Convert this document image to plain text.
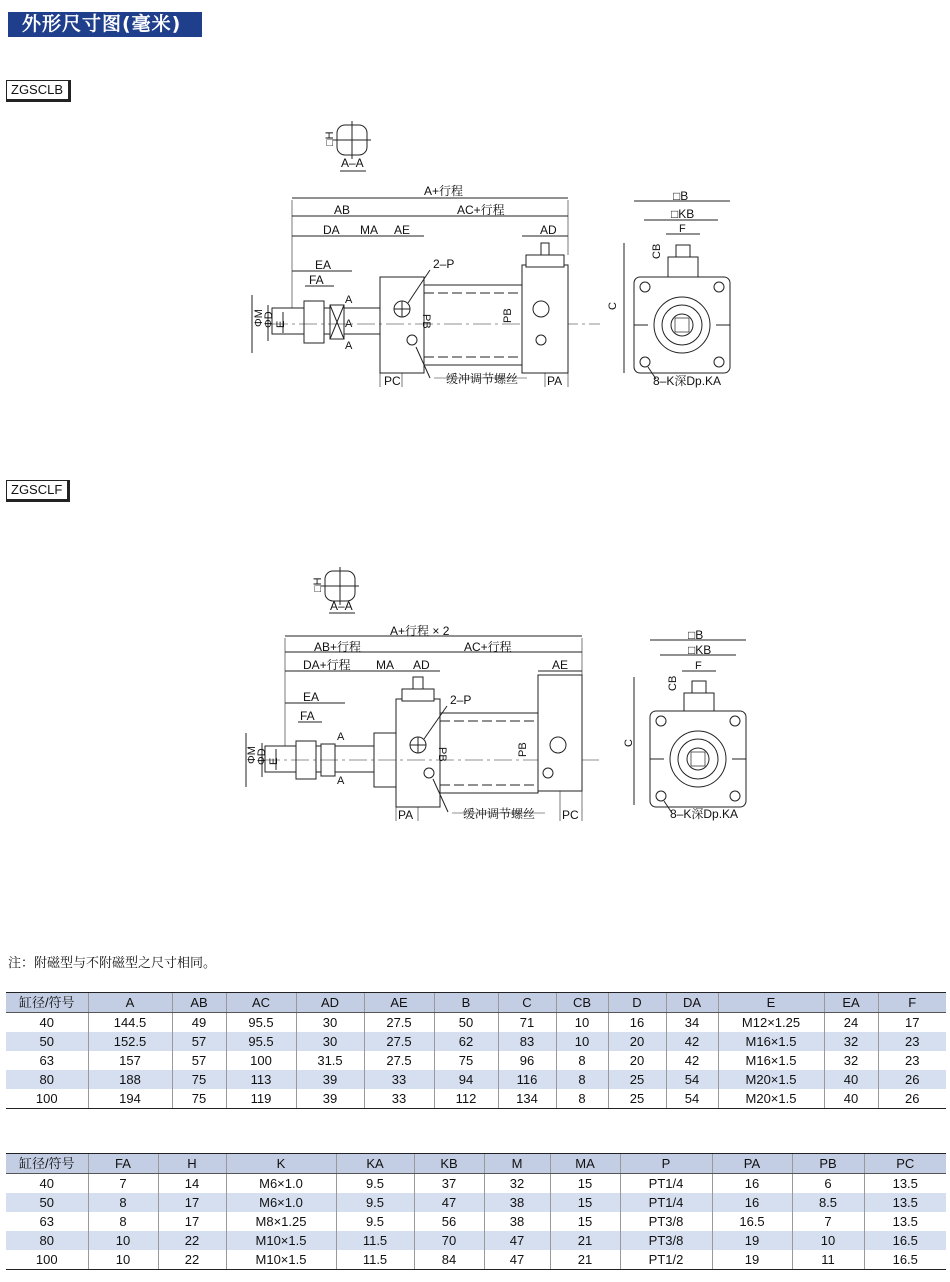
外形尺寸图(毫米)
ZGSCLB
ZGSCLF
□H
A–A
A+行程
AB	AC+行程
DA MA AE	AD
EA
FA
ΦM
ΦD E
A
A
A
2–P
PB	PB
PC	PA
缓冲调节螺丝
□B
□KB
F
CB
C
8–K深Dp.KA
□H
A–A
A+行程 × 2
AB+行程	AC+行程
DA+行程 MA AD	AE
EA
FA
ΦM
ΦD E
A
A
2–P
PB	PB
PA	PC
缓冲调节螺丝
□B
□KB
F
CB
C
8–K深Dp.KA
注：附磁型与不附磁型之尺寸相同。
缸径/符号	A	AB	AC	AD	AE	B	C	CB	D	DA	E	EA	F
40	144.5	49	95.5	30	27.5	50	71	10	16	34	M12×1.25	24	17
50	152.5	57	95.5	30	27.5	62	83	10	20	42	M16×1.5	32	23
63	157	57	100	31.5	27.5	75	96	8	20	42	M16×1.5	32	23
80	188	75	113	39	33	94	116	8	25	54	M20×1.5	40	26
100	194	75	119	39	33	112	134	8	25	54	M20×1.5	40	26
缸径/符号	FA	H	K	KA	KB	M	MA	P	PA	PB	PC
40	7	14	M6×1.0	9.5	37	32	15	PT1/4	16	6	13.5
50	8	17	M6×1.0	9.5	47	38	15	PT1/4	16	8.5	13.5
63	8	17	M8×1.25	9.5	56	38	15	PT3/8	16.5	7	13.5
80	10	22	M10×1.5	11.5	70	47	21	PT3/8	19	10	16.5
100	10	22	M10×1.5	11.5	84	47	21	PT1/2	19	11	16.5
